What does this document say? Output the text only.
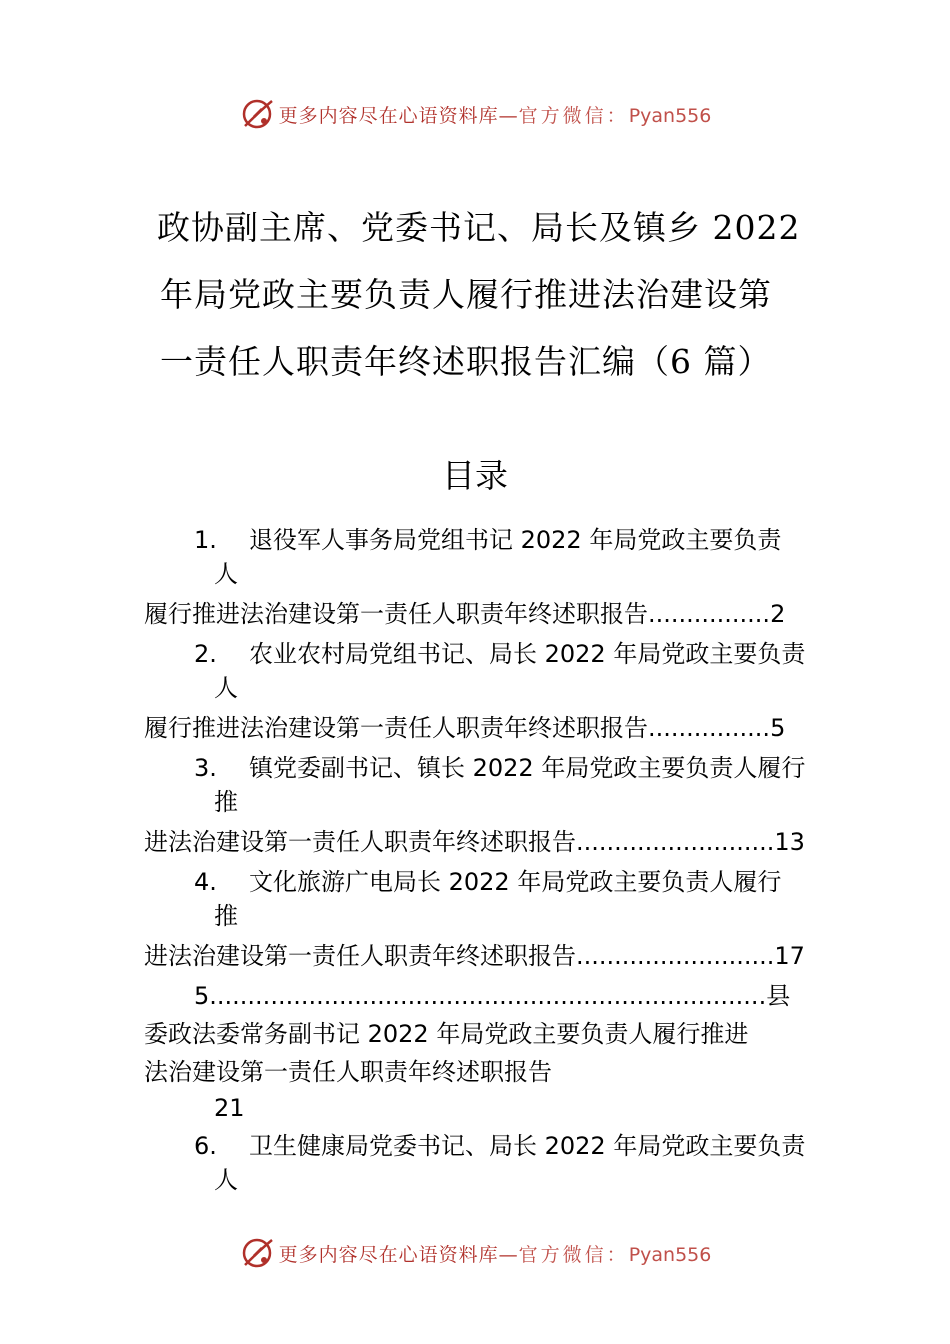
更多内容尽在心语资料库—官方微信：Pyan556
政协副主席、党委书记、局长及镇乡 2022
年局党政主要负责人履行推进法治建设第
一责任人职责年终述职报告汇编（6 篇）
目录
1. 退役军人事务局党组书记 2022 年局党政主要负责
人
履行推进法治建设第一责任人职责年终述职报告................2
2. 农业农村局党组书记、局长 2022 年局党政主要负责
人
履行推进法治建设第一责任人职责年终述职报告................5
3. 镇党委副书记、镇长 2022 年局党政主要负责人履行
推
进法治建设第一责任人职责年终述职报告..........................13
4. 文化旅游广电局长 2022 年局党政主要负责人履行
推
进法治建设第一责任人职责年终述职报告..........................17
5.........................................................................县
委政法委常务副书记 2022 年局党政主要负责人履行推进
法治建设第一责任人职责年终述职报告
21
6. 卫生健康局党委书记、局长 2022 年局党政主要负责
人
更多内容尽在心语资料库—官方微信：Pyan556
